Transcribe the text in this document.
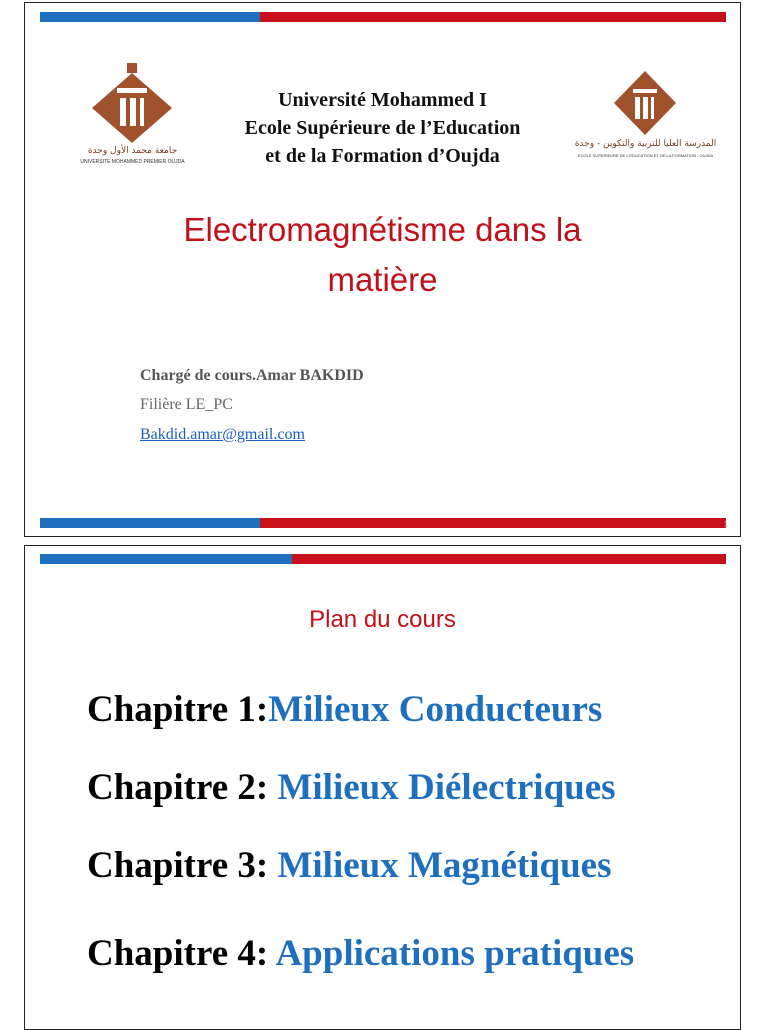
جامعة محمد الأول وجدة
UNIVERSITE MOHAMMED PREMIER OUJDA
المدرسة العليا للتربية والتكوين - وجدة
ECOLE SUPERIEURE DE L'EDUCATION ET DE LA FORMATION - OUJDA
Université Mohammed I
Ecole Supérieure de l’Education
et de la Formation d’Oujda
Electromagnétisme dans la
matière
Chargé de cours.Amar BAKDID
Filière LE_PC
Bakdid.amar@gmail.com
1
Plan du cours
Chapitre 1:Milieux Conducteurs
Chapitre 2: Milieux Diélectriques
Chapitre 3: Milieux Magnétiques
Chapitre 4: Applications pratiques
